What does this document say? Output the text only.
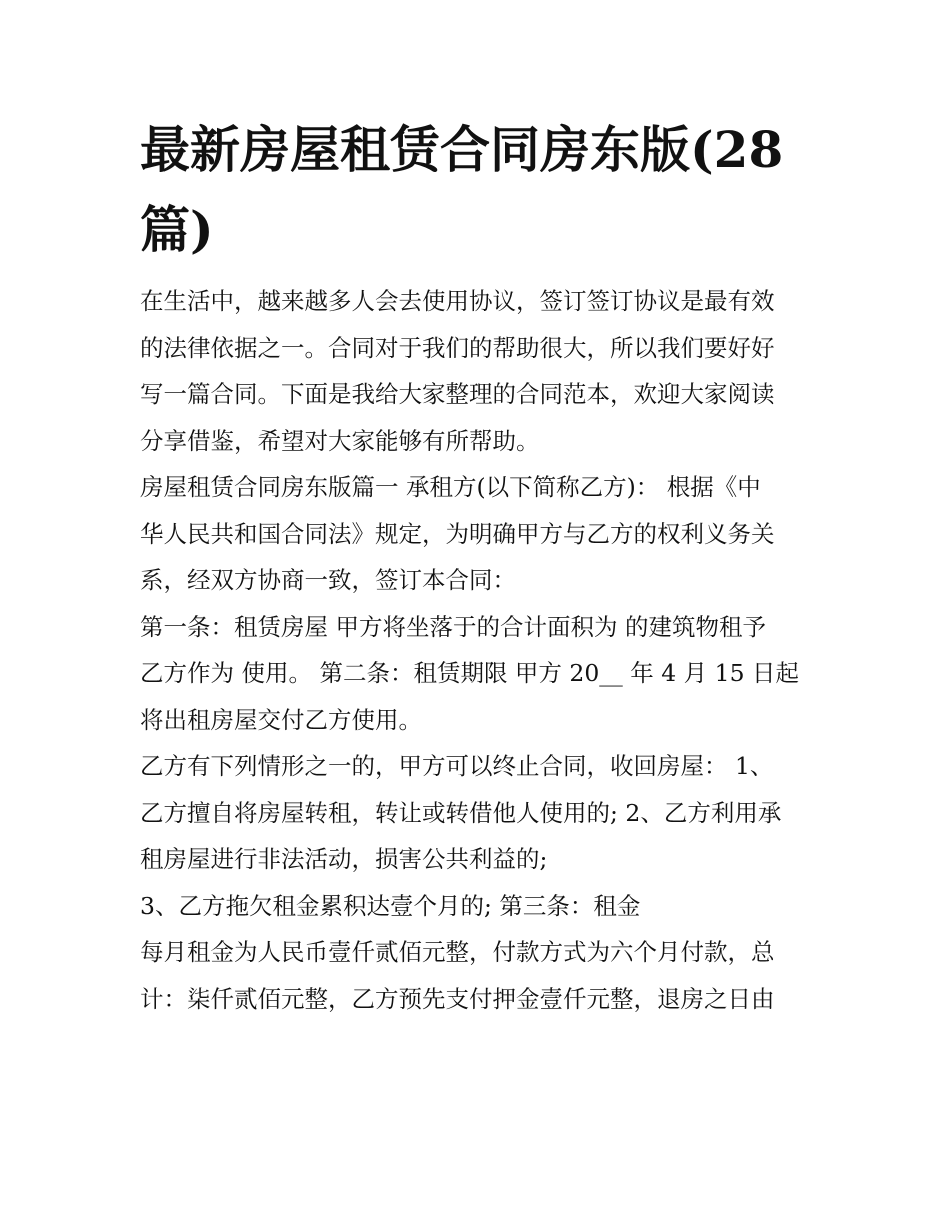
最新房屋租赁合同房东版(28
篇)

在生活中，越来越多人会去使用协议，签订签订协议是最有效
的法律依据之一。合同对于我们的帮助很大，所以我们要好好
写一篇合同。下面是我给大家整理的合同范本，欢迎大家阅读
分享借鉴，希望对大家能够有所帮助。

房屋租赁合同房东版篇一 承租方(以下简称乙方)： 根据《中
华人民共和国合同法》规定，为明确甲方与乙方的权利义务关
系，经双方协商一致，签订本合同：

第一条：租赁房屋 甲方将坐落于的合计面积为 的建筑物租予
乙方作为 使用。 第二条：租赁期限 甲方 20__ 年 4 月 15 日起
将出租房屋交付乙方使用。

乙方有下列情形之一的，甲方可以终止合同，收回房屋： 1、
乙方擅自将房屋转租，转让或转借他人使用的; 2、乙方利用承
租房屋进行非法活动，损害公共利益的;

3、乙方拖欠租金累积达壹个月的; 第三条：租金

每月租金为人民币壹仟贰佰元整，付款方式为六个月付款，总
计：柒仟贰佰元整，乙方预先支付押金壹仟元整，退房之日由
